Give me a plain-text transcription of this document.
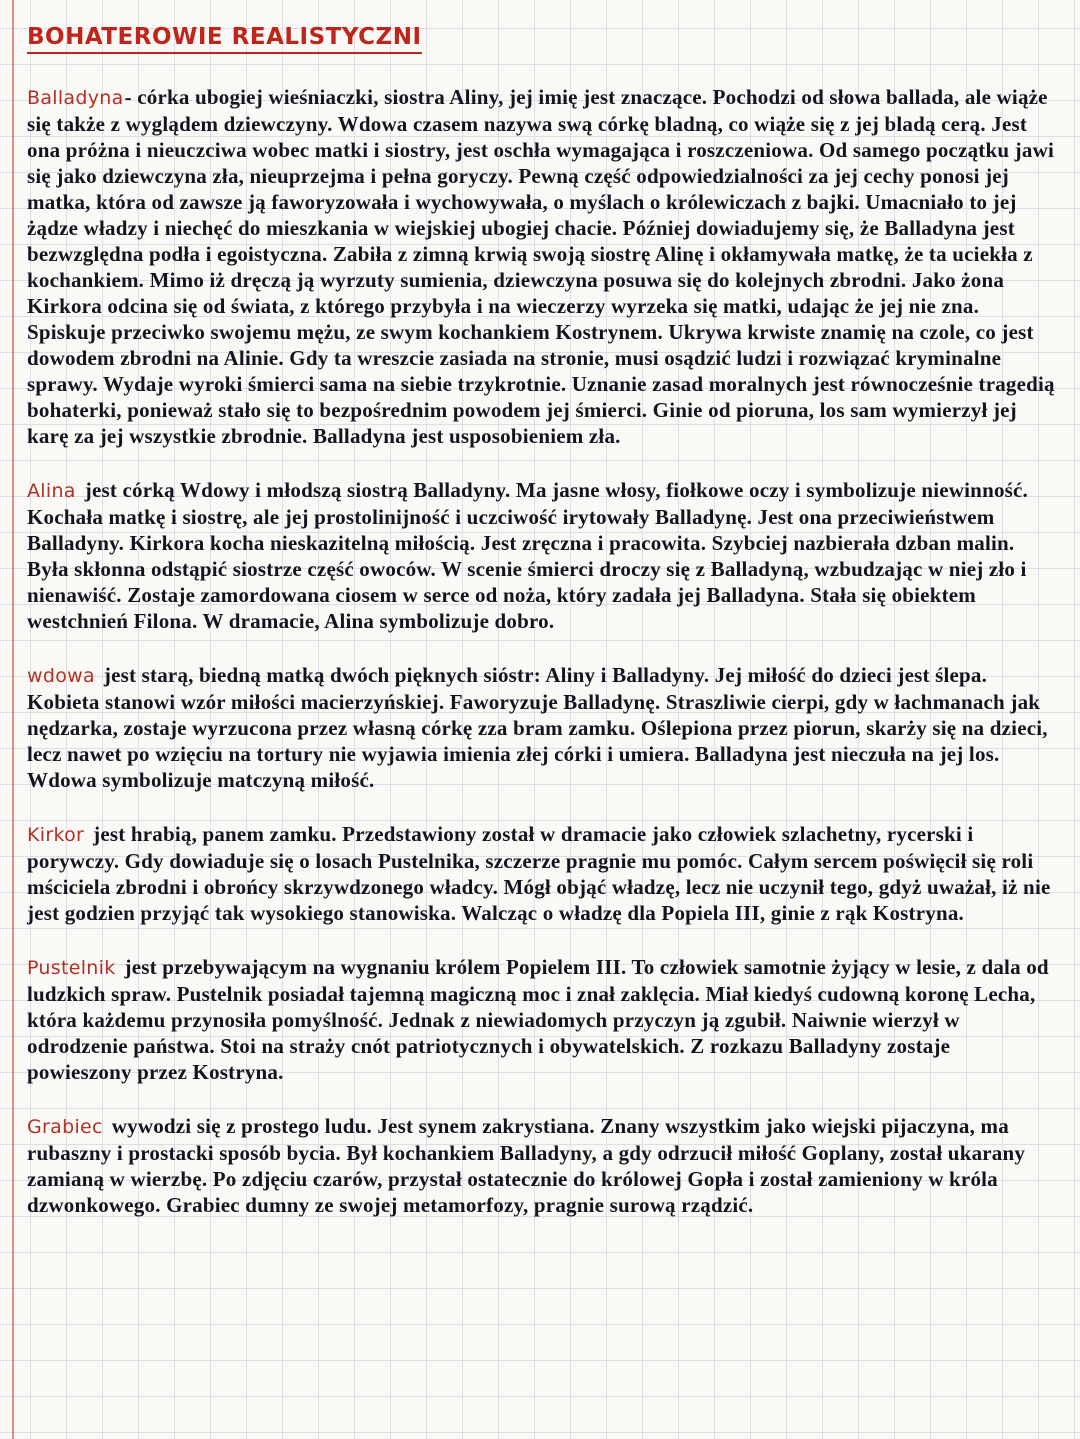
BOHATEROWIE REALISTYCZNI

Balladyna- córka ubogiej wieśniaczki, siostra Aliny, jej imię jest znaczące. Pochodzi od słowa ballada, ale wiąże się także z wyglądem dziewczyny. Wdowa czasem nazywa swą córkę bladną, co wiąże się z jej bladą cerą. Jest ona próżna i nieuczciwa wobec matki i siostry, jest oschła wymagająca i roszczeniowa. Od samego początku jawi się jako dziewczyna zła, nieuprzejma i pełna goryczy. Pewną część odpowiedzialności za jej cechy ponosi jej matka, która od zawsze ją faworyzowała i wychowywała, o myślach o królewiczach z bajki. Umacniało to jej żądze władzy i niechęć do mieszkania w wiejskiej ubogiej chacie. Później dowiadujemy się, że Balladyna jest bezwzględna podła i egoistyczna. Zabiła z zimną krwią swoją siostrę Alinę i okłamywała matkę, że ta uciekła z kochankiem. Mimo iż dręczą ją wyrzuty sumienia, dziewczyna posuwa się do kolejnych zbrodni. Jako żona Kirkora odcina się od świata, z którego przybyła i na wieczerzy wyrzeka się matki, udając że jej nie zna. Spiskuje przeciwko swojemu mężu, ze swym kochankiem Kostrynem. Ukrywa krwiste znamię na czole, co jest dowodem zbrodni na Alinie. Gdy ta wreszcie zasiada na stronie, musi osądzić ludzi i rozwiązać kryminalne sprawy. Wydaje wyroki śmierci sama na siebie trzykrotnie. Uznanie zasad moralnych jest równocześnie tragedią bohaterki, ponieważ stało się to bezpośrednim powodem jej śmierci. Ginie od pioruna, los sam wymierzył jej karę za jej wszystkie zbrodnie. Balladyna jest usposobieniem zła.

Alina jest córką Wdowy i młodszą siostrą Balladyny. Ma jasne włosy, fiołkowe oczy i symbolizuje niewinność. Kochała matkę i siostrę, ale jej prostolinijność i uczciwość irytowały Balladynę. Jest ona przeciwieństwem Balladyny. Kirkora kocha nieskazitelną miłością. Jest zręczna i pracowita. Szybciej nazbierała dzban malin. Była skłonna odstąpić siostrze część owoców. W scenie śmierci droczy się z Balladyną, wzbudzając w niej zło i nienawiść. Zostaje zamordowana ciosem w serce od noża, który zadała jej Balladyna. Stała się obiektem westchnień Filona. W dramacie, Alina symbolizuje dobro.

wdowa jest starą, biedną matką dwóch pięknych sióstr: Aliny i Balladyny. Jej miłość do dzieci jest ślepa. Kobieta stanowi wzór miłości macierzyńskiej. Faworyzuje Balladynę. Straszliwie cierpi, gdy w łachmanach jak nędzarka, zostaje wyrzucona przez własną córkę zza bram zamku. Oślepiona przez piorun, skarży się na dzieci, lecz nawet po wzięciu na tortury nie wyjawia imienia złej córki i umiera. Balladyna jest nieczuła na jej los. Wdowa symbolizuje matczyną miłość.

Kirkor jest hrabią, panem zamku. Przedstawiony został w dramacie jako człowiek szlachetny, rycerski i porywczy. Gdy dowiaduje się o losach Pustelnika, szczerze pragnie mu pomóc. Całym sercem poświęcił się roli mściciela zbrodni i obrońcy skrzywdzonego władcy. Mógł objąć władzę, lecz nie uczynił tego, gdyż uważał, iż nie jest godzien przyjąć tak wysokiego stanowiska. Walcząc o władzę dla Popiela III, ginie z rąk Kostryna.

Pustelnik jest przebywającym na wygnaniu królem Popielem III. To człowiek samotnie żyjący w lesie, z dala od ludzkich spraw. Pustelnik posiadał tajemną magiczną moc i znał zaklęcia. Miał kiedyś cudowną koronę Lecha, która każdemu przynosiła pomyślność. Jednak z niewiadomych przyczyn ją zgubił. Naiwnie wierzył w odrodzenie państwa. Stoi na straży cnót patriotycznych i obywatelskich. Z rozkazu Balladyny zostaje powieszony przez Kostryna.

Grabiec wywodzi się z prostego ludu. Jest synem zakrystiana. Znany wszystkim jako wiejski pijaczyna, ma rubaszny i prostacki sposób bycia. Był kochankiem Balladyny, a gdy odrzucił miłość Goplany, został ukarany zamianą w wierzbę. Po zdjęciu czarów, przystał ostatecznie do królowej Gopła i został zamieniony w króla dzwonkowego. Grabiec dumny ze swojej metamorfozy, pragnie surową rządzić.
